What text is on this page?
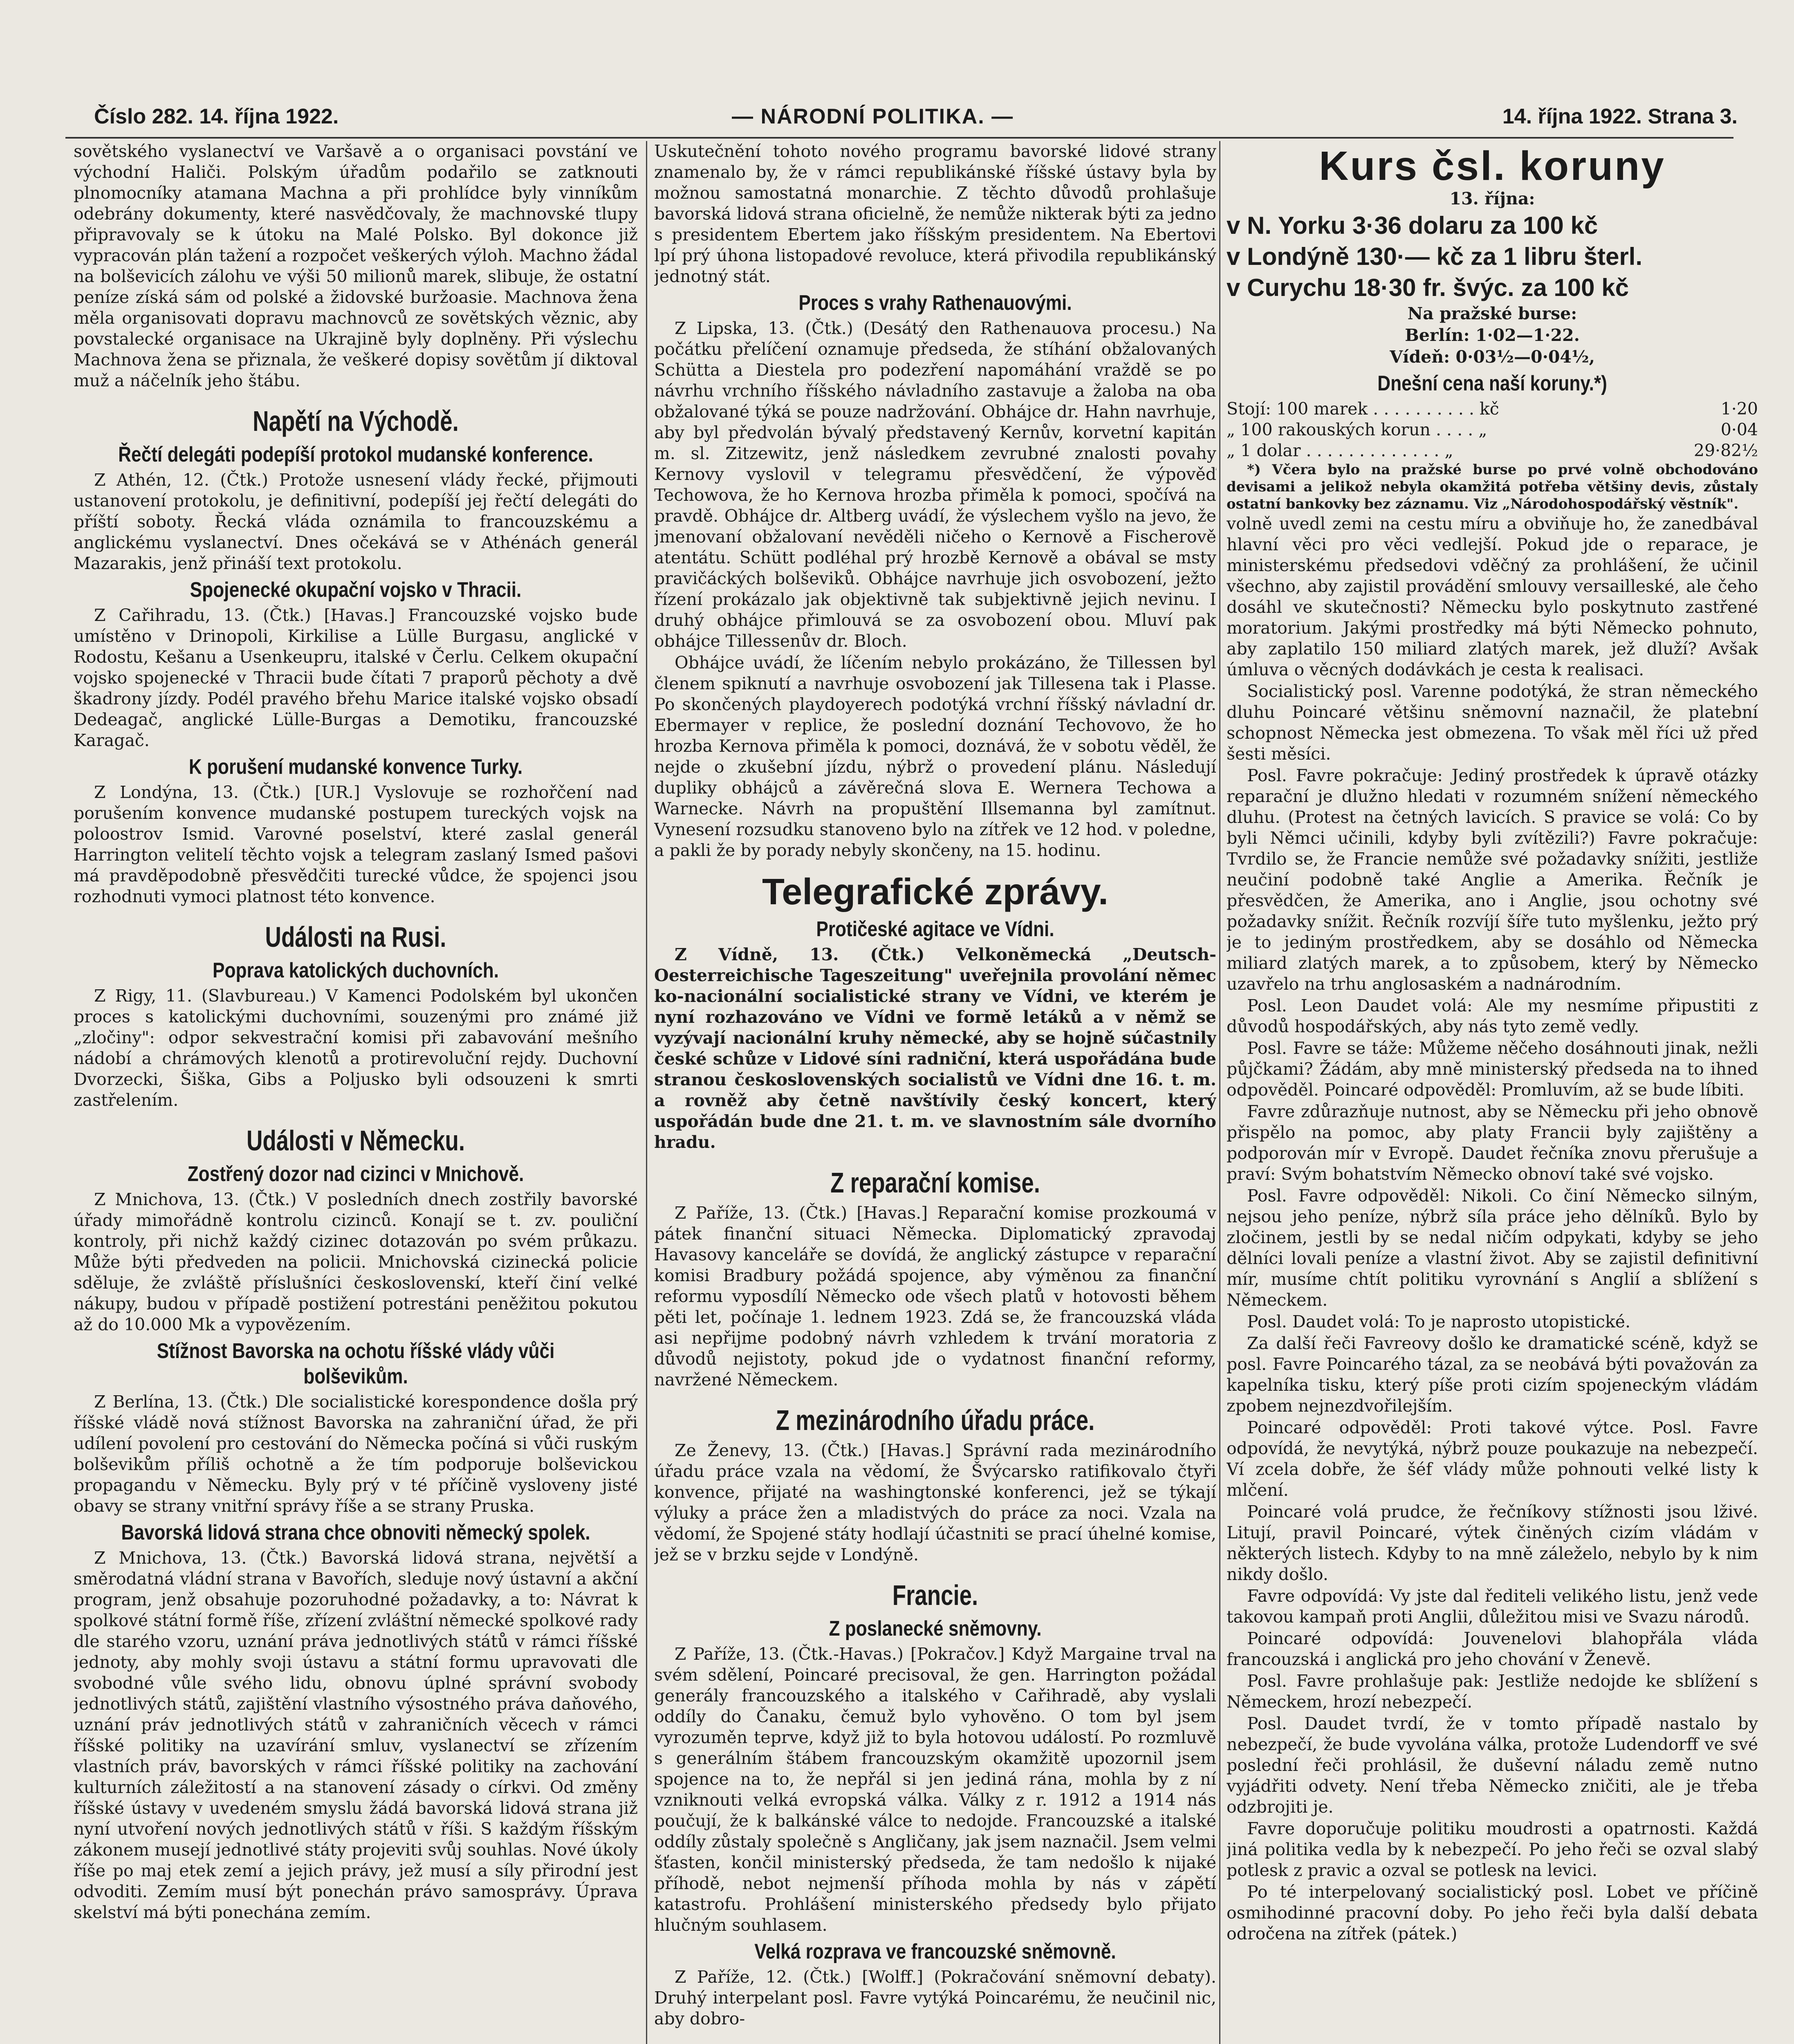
Číslo 282. 14. října 1922.	— NÁRODNÍ POLITIKA. —	14. října 1922. Strana 3.

sovětského vyslanectví ve Varšavě a o organisaci povstání ve východní Haliči. Polským úřadům podařilo se zatknouti plnomocníky atamana Machna a při prohlídce byly vinníkům odebrány dokumenty, které nasvědčovaly, že machnovské tlupy připravovaly se k útoku na Malé Polsko. Byl dokonce již vypracován plán tažení a rozpočet veškerých výloh. Machno žádal na bolševicích zálohu ve výši 50 milionů marek, slibuje, že ostatní peníze získá sám od polské a židovské buržoasie. Machnova žena měla organisovati dopravu machnovců ze sovětských věznic, aby povstalecké organisace na Ukrajině byly doplněny. Při výslechu Machnova žena se přiznala, že veškeré dopisy sovětům jí diktoval muž a náčelník jeho štábu.

Napětí na Východě.
Řečtí delegáti podepíší protokol mudanské konference.

Z Athén, 12. (Čtk.) Protože usnesení vlády řecké, přijmouti ustanovení protokolu, je definitivní, podepíší jej řečtí delegáti do příští soboty. Řecká vláda oznámila to francouzskému a anglickému vyslanectví. Dnes očekává se v Athénách generál Mazarakis, jenž přináší text protokolu.

Spojenecké okupační vojsko v Thracii.

Z Cařihradu, 13. (Čtk.) [Havas.] Francouzské vojsko bude umístěno v Drinopoli, Kirkilise a Lülle Burgasu, anglické v Rodostu, Kešanu a Usenkeupru, italské v Čerlu. Celkem okupační vojsko spojenecké v Thracii bude čítati 7 praporů pěchoty a dvě škadrony jízdy. Podél pravého břehu Marice italské vojsko obsadí Dedeagač, anglické Lülle-Burgas a Demotiku, francouzské Karagač.

K porušení mudanské konvence Turky.

Z Londýna, 13. (Čtk.) [UR.] Vyslovuje se rozhořčení nad porušením konvence mudanské postupem tureckých vojsk na poloostrov Ismid. Varovné poselství, které zaslal generál Harrington velitelí těchto vojsk a telegram zaslaný Ismed pašovi má pravděpodobně přesvědčiti turecké vůdce, že spojenci jsou rozhodnuti vymoci platnost této konvence.

Události na Rusi.
Poprava katolických duchovních.

Z Rigy, 11. (Slavbureau.) V Kamenci Podolském byl ukončen proces s katolickými duchovními, souzenými pro známé již „zločiny": odpor sekvestrační komisi při zabavování mešního nádobí a chrámových klenotů a protirevoluční rejdy. Duchovní Dvorzecki, Šiška, Gibs a Poljusko byli odsouzeni k smrti zastřelením.

Události v Německu.
Zostřený dozor nad cizinci v Mnichově.

Z Mnichova, 13. (Čtk.) V posledních dnech zostřily bavorské úřady mimořádně kontrolu cizinců. Konají se t. zv. pouliční kontroly, při nichž každý cizinec dotazován po svém průkazu. Může býti předveden na policii. Mnichovská cizinecká policie sděluje, že zvláště příslušníci československí, kteří činí velké nákupy, budou v případě postižení potrestáni peněžitou pokutou až do 10.000 Mk a vypovězením.

Stížnost Bavorska na ochotu říšské vlády vůči bolševikům.

Z Berlína, 13. (Čtk.) Dle socialistické korespondence došla prý říšské vládě nová stížnost Bavorska na zahraniční úřad, že při udílení povolení pro cestování do Německa počíná si vůči ruským bolševikům příliš ochotně a že tím podporuje bolševickou propagandu v Německu. Byly prý v té příčině vysloveny jisté obavy se strany vnitřní správy říše a se strany Pruska.

Bavorská lidová strana chce obnoviti německý spolek.

Z Mnichova, 13. (Čtk.) Bavorská lidová strana, největší a směrodatná vládní strana v Bavořích, sleduje nový ústavní a akční program, jenž obsahuje pozoruhodné požadavky, a to: Návrat k spolkové státní formě říše, zřízení zvláštní německé spolkové rady dle starého vzoru, uznání práva jednotlivých států v rámci říšské jednoty, aby mohly svoji ústavu a státní formu upravovati dle svobodné vůle svého lidu, obnovu úplné správní svobody jednotlivých států, zajištění vlastního výsostného práva daňového, uznání práv jednotlivých států v zahraničních věcech v rámci říšské politiky na uzavírání smluv, vyslanectví se zřízením vlastních práv, bavorských v rámci říšské politiky na zachování kulturních záležitostí a na stanovení zásady o církvi. Od změny říšské ústavy v uvedeném smyslu žádá bavorská lidová strana již nyní utvoření nových jednotlivých států v říši. S každým říšským zákonem musejí jednotlivé státy projeviti svůj souhlas. Nové úkoly říše po maj etek zemí a jejich právy, jež musí a síly přirodní jest odvoditi. Zemím musí být ponechán právo samosprávy. Úprava skelství má býti ponechána zemím.

Uskutečnění tohoto nového programu bavorské lidové strany znamenalo by, že v rámci republikánské říšské ústavy byla by možnou samostatná monarchie. Z těchto důvodů prohlašuje bavorská lidová strana oficielně, že nemůže nikterak býti za jedno s presidentem Ebertem jako říšským presidentem. Na Ebertovi lpí prý úhona listopadové revoluce, která přivodila republikánský jednotný stát.

Proces s vrahy Rathenauovými.

Z Lipska, 13. (Čtk.) (Desátý den Rathenauova procesu.) Na počátku přelíčení oznamuje předseda, že stíhání obžalovaných Schütta a Diestela pro podezření napomáhání vraždě se po návrhu vrchního říšského návladního zastavuje a žaloba na oba obžalované týká se pouze nadržování. Obhájce dr. Hahn navrhuje, aby byl předvolán bývalý představený Kernův, korvetní kapitán m. sl. Zitzewitz, jenž následkem zevrubné znalosti povahy Kernovy vyslovil v telegramu přesvědčení, že výpověď Techowova, že ho Kernova hrozba přiměla k pomoci, spočívá na pravdě. Obhájce dr. Altberg uvádí, že výslechem vyšlo na jevo, že jmenovaní obžalovaní nevěděli ničeho o Kernově a Fischerově atentátu. Schütt podléhal prý hrozbě Kernově a obával se msty pravičáckých bolševiků. Obhájce navrhuje jich osvobození, ježto řízení prokázalo jak objektivně tak subjektivně jejich nevinu. I druhý obhájce přimlouvá se za osvobození obou. Mluví pak obhájce Tillessenův dr. Bloch.

Obhájce uvádí, že líčením nebylo prokázáno, že Tillessen byl členem spiknutí a navrhuje osvobození jak Tillesena tak i Plasse. Po skončených playdoyerech podotýká vrchní říšský návladní dr. Ebermayer v replice, že poslední doznání Techovovo, že ho hrozba Kernova přiměla k pomoci, doznává, že v sobotu věděl, že nejde o zkušební jízdu, nýbrž o provedení plánu. Následují dupliky obhájců a závěrečná slova E. Wernera Techowa a Warnecke. Návrh na propuštění Illsemanna byl zamítnut. Vynesení rozsudku stanoveno bylo na zítřek ve 12 hod. v poledne, a pakli že by porady nebyly skončeny, na 15. hodinu.

Telegrafické zprávy.
Protičeské agitace ve Vídni.

Z Vídně, 13. (Čtk.) Velkoněmecká „Deutsch-Oesterreichische Tageszeitung" uveřejnila provolání němec ko-nacionální socialistické strany ve Vídni, ve kterém je nyní rozhazováno ve Vídni ve formě letáků a v němž se vyzývají nacionální kruhy německé, aby se hojně súčastnily české schůze v Lidové síni radniční, která uspořádána bude stranou československých socialistů ve Vídni dne 16. t. m. a rovněž aby četně navštívily český koncert, který uspořádán bude dne 21. t. m. ve slavnostním sále dvorního hradu.

Z reparační komise.

Z Paříže, 13. (Čtk.) [Havas.] Reparační komise prozkoumá v pátek finanční situaci Německa. Diplomatický zpravodaj Havasovy kanceláře se dovídá, že anglický zástupce v reparační komisi Bradbury požádá spojence, aby výměnou za finanční reformu vyposdílí Německo ode všech platů v hotovosti během pěti let, počínaje 1. lednem 1923. Zdá se, že francouzská vláda asi nepřijme podobný návrh vzhledem k trvání moratoria z důvodů nejistoty, pokud jde o vydatnost finanční reformy, navržené Německem.

Z mezinárodního úřadu práce.

Ze Ženevy, 13. (Čtk.) [Havas.] Správní rada mezinárodního úřadu práce vzala na vědomí, že Švýcarsko ratifikovalo čtyři konvence, přijaté na washingtonské konferenci, jež se týkají výluky a práce žen a mladistvých do práce za noci. Vzala na vědomí, že Spojené státy hodlají účastniti se prací úhelné komise, jež se v brzku sejde v Londýně.

Francie.
Z poslanecké sněmovny.

Z Paříže, 13. (Čtk.-Havas.) [Pokračov.] Když Margaine trval na svém sdělení, Poincaré precisoval, že gen. Harrington požádal generály francouzského a italského v Cařihradě, aby vyslali oddíly do Čanaku, čemuž bylo vyhověno. O tom byl jsem vyrozuměn teprve, když již to byla hotovou událostí. Po rozmluvě s generálním štábem francouzským okamžitě upozornil jsem spojence na to, že nepřál si jen jediná rána, mohla by z ní vzniknouti velká evropská válka. Války z r. 1912 a 1914 nás poučují, že k balkánské válce to nedojde. Francouzské a italské oddíly zůstaly společně s Angličany, jak jsem naznačil. Jsem velmi šťasten, končil ministerský předseda, že tam nedošlo k nijaké příhodě, nebot nejmenší příhoda mohla by nás v zápětí katastrofu. Prohlášení ministerského předsedy bylo přijato hlučným souhlasem.

Velká rozprava ve francouzské sněmovně.

Z Paříže, 12. (Čtk.) [Wolff.] (Pokračování sněmovní debaty). Druhý interpelant posl. Favre vytýká Poincarému, že neučinil nic, aby dobro-

Kurs čsl. koruny

13. října:

v N. Yorku 3·36 dolaru za 100 kč
v Londýně 130·— kč za 1 libru šterl.
v Curychu 18·30 fr. švýc. za 100 kč

Na pražské burse:

Berlín: 1·02—1·22.

Vídeň: 0·03½—0·04½,

Dnešní cena naší koruny.*)
Stojí: 100 marek . . . . . . . . . . kč	1·20
„ 100 rakouských korun . . . . „	0·04
„ 1 dolar . . . . . . . . . . . . . „	29·82½

*) Včera bylo na pražské burse po prvé volně obchodováno devisami a jelikož nebyla okamžitá potřeba většiny devis, zůstaly ostatní bankovky bez záznamu. Viz „Národohospodářský věstník".

volně uvedl zemi na cestu míru a obviňuje ho, že zanedbával hlavní věci pro věci vedlejší. Pokud jde o reparace, je ministerskému předsedovi vděčný za prohlášení, že učinil všechno, aby zajistil provádění smlouvy versailleské, ale čeho dosáhl ve skutečnosti? Německu bylo poskytnuto zastřené moratorium. Jakými prostředky má býti Německo pohnuto, aby zaplatilo 150 miliard zlatých marek, jež dluží? Avšak úmluva o věcných dodávkách je cesta k realisaci.

Socialistický posl. Varenne podotýká, že stran německého dluhu Poincaré většinu sněmovní naznačil, že platební schopnost Německa jest obmezena. To však měl říci už před šesti měsíci.

Posl. Favre pokračuje: Jediný prostředek k úpravě otázky reparační je dlužno hledati v rozumném snížení německého dluhu. (Protest na četných lavicích. S pravice se volá: Co by byli Němci učinili, kdyby byli zvítězili?) Favre pokračuje: Tvrdilo se, že Francie nemůže své požadavky snížiti, jestliže neučiní podobně také Anglie a Amerika. Řečník je přesvědčen, že Amerika, ano i Anglie, jsou ochotny své požadavky snížit. Řečník rozvíjí šíře tuto myšlenku, ježto prý je to jediným prostředkem, aby se dosáhlo od Německa miliard zlatých marek, a to způsobem, který by Německo uzavřelo na trhu anglosaském a nadnárodním.

Posl. Leon Daudet volá: Ale my nesmíme připustiti z důvodů hospodářských, aby nás tyto země vedly.

Posl. Favre se táže: Můžeme něčeho dosáhnouti jinak, nežli půjčkami? Žádám, aby mně ministerský předseda na to ihned odpověděl. Poincaré odpověděl: Promluvím, až se bude líbiti.

Favre zdůrazňuje nutnost, aby se Německu při jeho obnově přispělo na pomoc, aby platy Francii byly zajištěny a podporován mír v Evropě. Daudet řečníka znovu přerušuje a praví: Svým bohatstvím Německo obnoví také své vojsko.

Posl. Favre odpověděl: Nikoli. Co činí Německo silným, nejsou jeho peníze, nýbrž síla práce jeho dělníků. Bylo by zločinem, jestli by se nedal ničím odpykati, kdyby se jeho dělníci lovali peníze a vlastní život. Aby se zajistil definitivní mír, musíme chtít politiku vyrovnání s Anglií a sblížení s Německem.

Posl. Daudet volá: To je naprosto utopistické.

Za další řeči Favreovy došlo ke dramatické scéně, když se posl. Favre Poincarého tázal, za se neobává býti považován za kapelníka tisku, který píše proti cizím spojeneckým vládám zpobem nejnezdvořilejším.

Poincaré odpověděl: Proti takové výtce. Posl. Favre odpovídá, že nevytýká, nýbrž pouze poukazuje na nebezpečí. Ví zcela dobře, že šéf vlády může pohnouti velké listy k mlčení.

Poincaré volá prudce, že řečníkovy stížnosti jsou lživé. Litují, pravil Poincaré, výtek činěných cizím vládám v některých listech. Kdyby to na mně záleželo, nebylo by k nim nikdy došlo.

Favre odpovídá: Vy jste dal řediteli velikého listu, jenž vede takovou kampaň proti Anglii, důležitou misi ve Svazu národů.

Poincaré odpovídá: Jouvenelovi blahopřála vláda francouzská i anglická pro jeho chování v Ženevě.

Posl. Favre prohlašuje pak: Jestliže nedojde ke sblížení s Německem, hrozí nebezpečí.

Posl. Daudet tvrdí, že v tomto případě nastalo by nebezpečí, že bude vyvolána válka, protože Ludendorff ve své poslední řeči prohlásil, že duševní náladu země nutno vyjádřiti odvety. Není třeba Německo zničiti, ale je třeba odzbrojiti je.

Favre doporučuje politiku moudrosti a opatrnosti. Každá jiná politika vedla by k nebezpečí. Po jeho řeči se ozval slabý potlesk z pravic a ozval se potlesk na levici.

Po té interpelovaný socialistický posl. Lobet ve příčině osmihodinné pracovní doby. Po jeho řeči byla další debata odročena na zítřek (pátek.)
